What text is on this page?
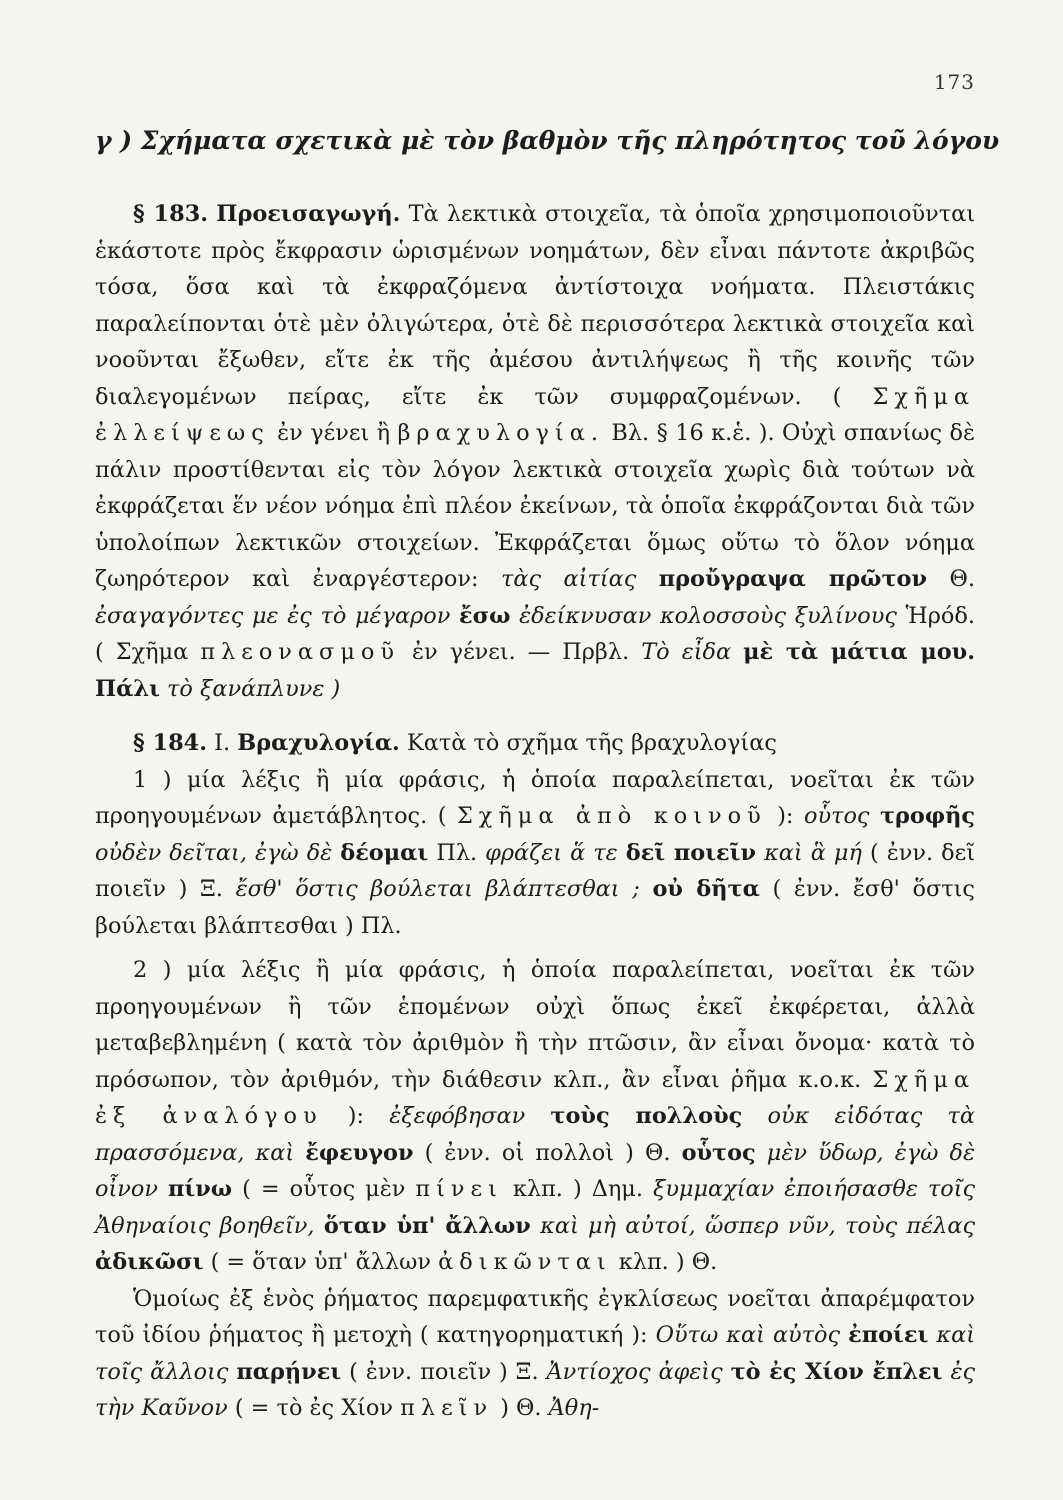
173
γ ) Σχήματα σχετικὰ μὲ τὸν βαθμὸν τῆς πληρότητος τοῦ λόγου

§ 183. Προεισαγωγή. Τὰ λεκτικὰ στοιχεῖα, τὰ ὁποῖα χρησιμοποιοῦνται ἑκάστοτε πρὸς ἔκφρασιν ὡρισμένων νοημάτων, δὲν εἶναι πάντοτε ἀκριβῶς τόσα, ὅσα καὶ τὰ ἐκφραζόμενα ἀντίστοιχα νοήματα. Πλειστάκις παραλείπονται ὁτὲ μὲν ὀλιγώτερα, ὁτὲ δὲ περισσότερα λεκτικὰ στοιχεῖα καὶ νοοῦνται ἔξωθεν, εἴτε ἐκ τῆς ἀμέσου ἀντιλήψεως ἢ τῆς κοινῆς τῶν διαλεγομένων πείρας, εἴτε ἐκ τῶν συμφραζομένων. ( Σχῆμα ἐλλείψεως ἐν γένει ἢ βραχυλογία. Βλ. § 16 κ.ἑ. ). Οὐχὶ σπανίως δὲ πάλιν προστίθενται εἰς τὸν λόγον λεκτικὰ στοιχεῖα χωρὶς διὰ τούτων νὰ ἐκφράζεται ἕν νέον νόημα ἐπὶ πλέον ἐκείνων, τὰ ὁποῖα ἐκφράζονται διὰ τῶν ὑπολοίπων λεκτικῶν στοιχείων. Ἐκφράζεται ὅμως οὕτω τὸ ὅλον νόημα ζωηρότερον καὶ ἐναργέστερον: τὰς αἰτίας προὔγραψα πρῶτον Θ. ἐσαγαγόντες με ἐς τὸ μέγαρον ἔσω ἐδείκνυσαν κολοσσοὺς ξυλίνους Ἡρόδ. ( Σχῆμα πλεονασμοῦ ἐν γένει. — Πρβλ. Τὸ εἶδα μὲ τὰ μάτια μου. Πάλι τὸ ξανάπλυνε )

§ 184. Ι. Βραχυλογία. Κατὰ τὸ σχῆμα τῆς βραχυλογίας

1 ) μία λέξις ἢ μία φράσις, ἡ ὁποία παραλείπεται, νοεῖται ἐκ τῶν προηγουμένων ἀμετάβλητος. ( Σχῆμα ἀπὸ κοινοῦ ): οὗτος τροφῆς οὐδὲν δεῖται, ἐγὼ δὲ δέομαι Πλ. φράζει ἅ τε δεῖ ποιεῖν καὶ ἃ μή ( ἐνν. δεῖ ποιεῖν ) Ξ. ἔσθ' ὅστις βούλεται βλάπτεσθαι ; οὐ δῆτα ( ἐνν. ἔσθ' ὅστις βούλεται βλάπτεσθαι ) Πλ.

2 ) μία λέξις ἢ μία φράσις, ἡ ὁποία παραλείπεται, νοεῖται ἐκ τῶν προηγουμένων ἢ τῶν ἑπομένων οὐχὶ ὅπως ἐκεῖ ἐκφέρεται, ἀλλὰ μεταβεβλημένη ( κατὰ τὸν ἀριθμὸν ἢ τὴν πτῶσιν, ἂν εἶναι ὄνομα· κατὰ τὸ πρόσωπον, τὸν ἀριθμόν, τὴν διάθεσιν κλπ., ἂν εἶναι ῥῆμα κ.ο.κ. Σχῆμα ἐξ ἀναλόγου ): ἐξεφόβησαν τοὺς πολλοὺς οὐκ εἰδότας τὰ πρασσόμενα, καὶ ἔφευγον ( ἐνν. οἱ πολλοὶ ) Θ. οὗτος μὲν ὕδωρ, ἐγὼ δὲ οἶνον πίνω ( = οὗτος μὲν πίνει κλπ. ) Δημ. ξυμμαχίαν ἐποιήσασθε τοῖς Ἀθηναίοις βοηθεῖν, ὅταν ὑπ' ἄλλων καὶ μὴ αὐτοί, ὥσπερ νῦν, τοὺς πέλας ἀδικῶσι ( = ὅταν ὑπ' ἄλλων ἀδικῶνται κλπ. ) Θ.

Ὁμοίως ἐξ ἑνὸς ῥήματος παρεμφατικῆς ἐγκλίσεως νοεῖται ἀπαρέμφατον τοῦ ἰδίου ῥήματος ἢ μετοχὴ ( κατηγορηματική ): Οὕτω καὶ αὐτὸς ἐποίει καὶ τοῖς ἄλλοις παρῄνει ( ἐνν. ποιεῖν ) Ξ. Ἀντίοχος ἀφεὶς τὸ ἐς Χίον ἔπλει ἐς τὴν Καῦνον ( = τὸ ἐς Χίον πλεῖν ) Θ. Ἀθη-
